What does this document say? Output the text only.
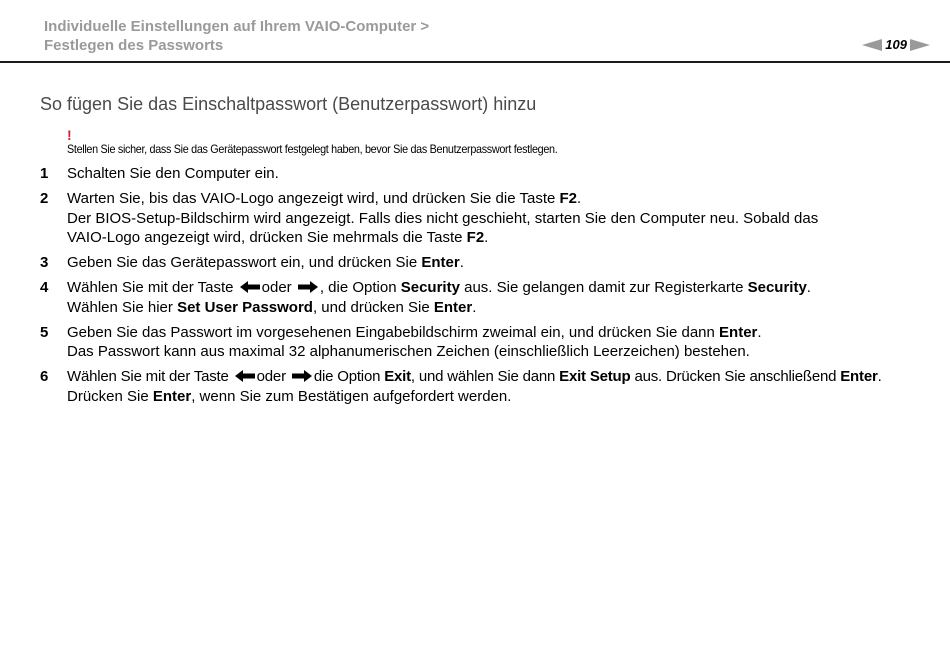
Individuelle Einstellungen auf Ihrem VAIO-Computer >
Festlegen des Passworts	109
So fügen Sie das Einschaltpasswort (Benutzerpasswort) hinzu
!
Stellen Sie sicher, dass Sie das Gerätepasswort festgelegt haben, bevor Sie das Benutzerpasswort festlegen.
1	Schalten Sie den Computer ein.
2	Warten Sie, bis das VAIO-Logo angezeigt wird, und drücken Sie die Taste F2.
Der BIOS-Setup-Bildschirm wird angezeigt. Falls dies nicht geschieht, starten Sie den Computer neu. Sobald das
VAIO-Logo angezeigt wird, drücken Sie mehrmals die Taste F2.
3	Geben Sie das Gerätepasswort ein, und drücken Sie Enter.
4	Wählen Sie mit der Taste oder , die Option Security aus. Sie gelangen damit zur Registerkarte Security.
Wählen Sie hier Set User Password, und drücken Sie Enter.
5	Geben Sie das Passwort im vorgesehenen Eingabebildschirm zweimal ein, und drücken Sie dann Enter.
Das Passwort kann aus maximal 32 alphanumerischen Zeichen (einschließlich Leerzeichen) bestehen.
6	Wählen Sie mit der Taste oder die Option Exit, und wählen Sie dann Exit Setup aus. Drücken Sie anschließend Enter.
Drücken Sie Enter, wenn Sie zum Bestätigen aufgefordert werden.
